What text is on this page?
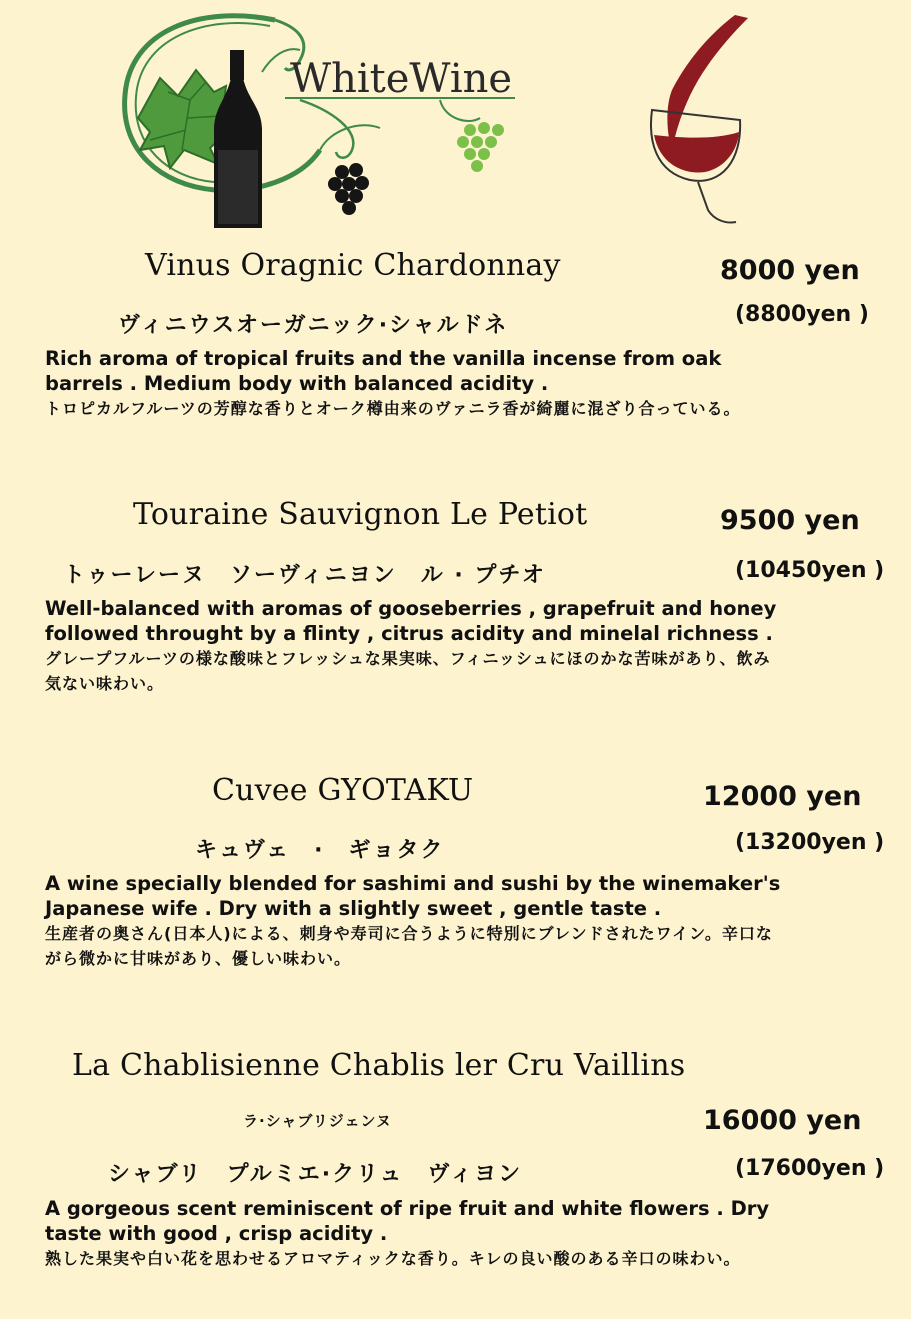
WhiteWine
Vinus Oragnic Chardonnay	8000 yen
ヴィニウスオーガニック·シャルドネ	(8800yen )
Rich aroma of tropical fruits and the vanilla incense from oak barrels . Medium body with balanced acidity .
トロピカルフルーツの芳醇な香りとオーク樽由来のヴァニラ香が綺麗に混ざり合っている。
Touraine Sauvignon Le Petiot	9500 yen
トゥーレーヌ　ソーヴィニヨン　ル · プチオ	(10450yen )
Well-balanced with aromas of gooseberries , grapefruit and honey followed throught by a flinty , citrus acidity and minelal richness .
グレープフルーツの様な酸味とフレッシュな果実味、フィニッシュにほのかな苦味があり、飲み気ない味わい。
Cuvee GYOTAKU	12000 yen
キュヴェ　·　ギョタク	(13200yen )
A wine specially blended for sashimi and sushi by the winemaker's Japanese wife . Dry with a slightly sweet , gentle taste .
生産者の奥さん(日本人)による、刺身や寿司に合うように特別にブレンドされたワイン。辛口ながら微かに甘味があり、優しい味わい。
La Chablisienne Chablis ler Cru Vaillins
ラ·シャブリジェンヌ	16000 yen
シャブリ　プルミエ·クリュ　ヴィヨン	(17600yen )
A gorgeous scent reminiscent of ripe fruit and white flowers . Dry taste with good , crisp acidity .
熟した果実や白い花を思わせるアロマティックな香り。キレの良い酸のある辛口の味わい。
